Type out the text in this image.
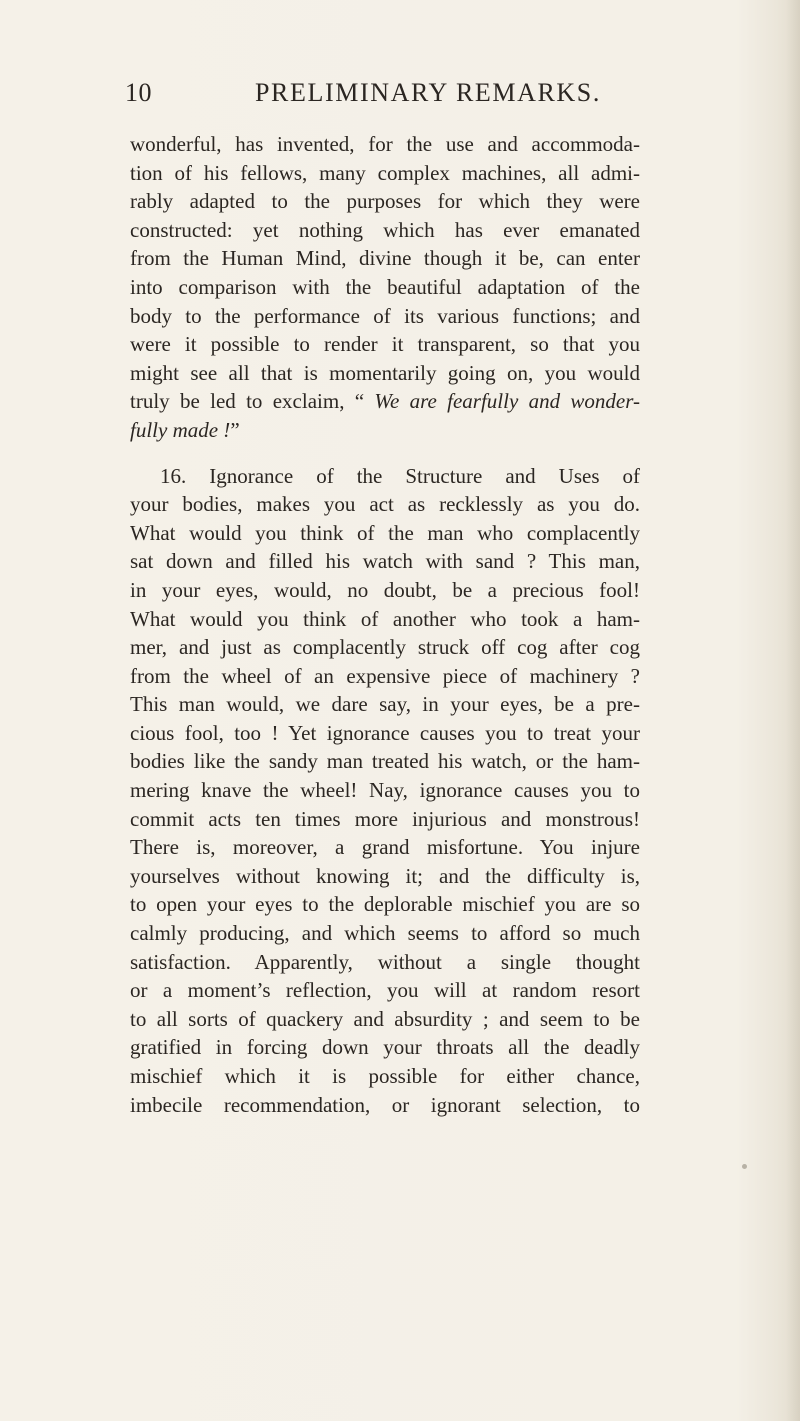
10	PRELIMINARY REMARKS.
wonderful, has invented, for the use and accommoda-
tion of his fellows, many complex machines, all admi-
rably adapted to the purposes for which they were
constructed: yet nothing which has ever emanated
from the Human Mind, divine though it be, can enter
into comparison with the beautiful adaptation of the
body to the performance of its various functions; and
were it possible to render it transparent, so that you
might see all that is momentarily going on, you would
truly be led to exclaim, “ We are fearfully and wonder-
fully made !”
16. Ignorance of the Structure and Uses of
your bodies, makes you act as recklessly as you do.
What would you think of the man who complacently
sat down and filled his watch with sand ? This man,
in your eyes, would, no doubt, be a precious fool!
What would you think of another who took a ham-
mer, and just as complacently struck off cog after cog
from the wheel of an expensive piece of machinery ?
This man would, we dare say, in your eyes, be a pre-
cious fool, too ! Yet ignorance causes you to treat your
bodies like the sandy man treated his watch, or the ham-
mering knave the wheel! Nay, ignorance causes you to
commit acts ten times more injurious and monstrous!
There is, moreover, a grand misfortune. You injure
yourselves without knowing it; and the difficulty is,
to open your eyes to the deplorable mischief you are so
calmly producing, and which seems to afford so much
satisfaction. Apparently, without a single thought
or a moment’s reflection, you will at random resort
to all sorts of quackery and absurdity ; and seem to be
gratified in forcing down your throats all the deadly
mischief which it is possible for either chance,
imbecile recommendation, or ignorant selection, to
